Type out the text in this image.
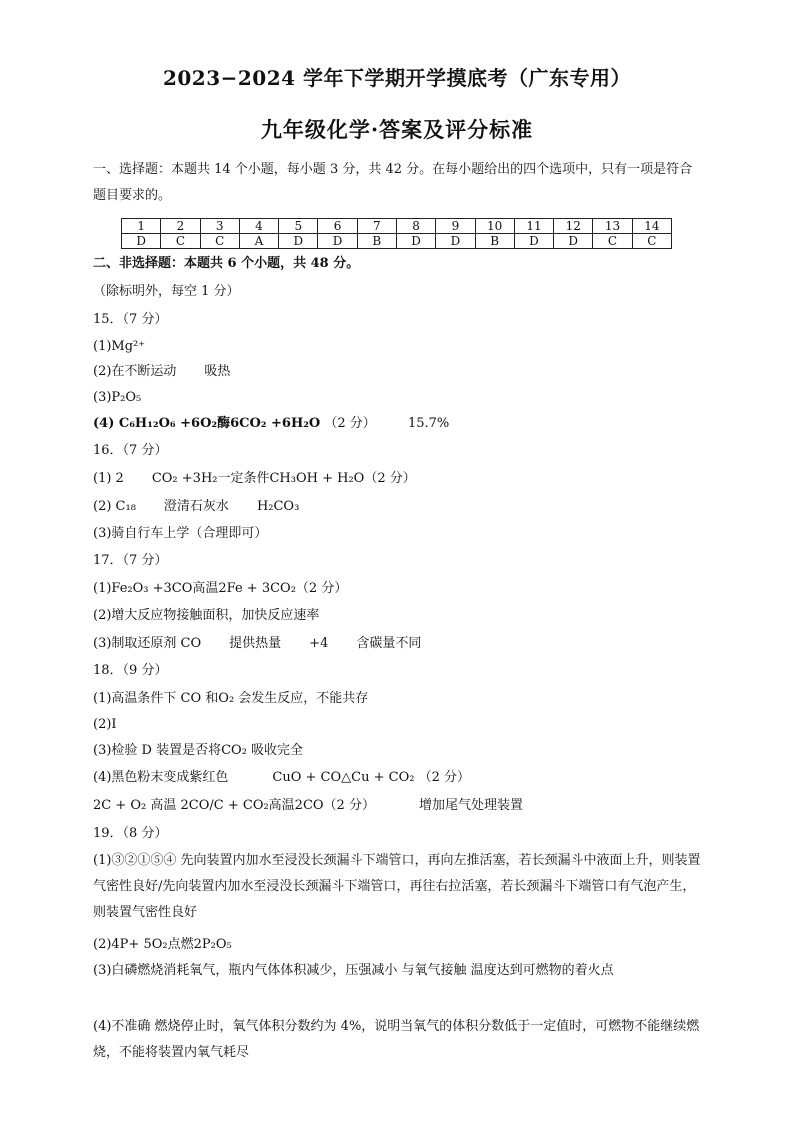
2023−2024 学年下学期开学摸底考（广东专用）
九年级化学·答案及评分标准
一、选择题：本题共 14 个小题，每小题 3 分，共 42 分。在每小题给出的四个选项中，只有一项是符合题目要求的。
1	2	3	4	5	6	7	8	9	10	11	12	13	14
D	C	C	A	D	D	B	D	D	B	D	D	C	C
二、非选择题：本题共 6 个小题，共 48 分。
（除标明外，每空 1 分）
15．（7 分）
(1)Mg²⁺
(2)在不断运动 吸热
(3)P₂O₅
(4) C₆H₁₂O₆ +6O₂酶6CO₂ +6H₂O （2 分） 15.7%
16．（7 分）
(1) 2 CO₂ +3H₂一定条件CH₃OH + H₂O（2 分）
(2) C₁₈ 澄清石灰水 H₂CO₃
(3)骑自行车上学（合理即可）
17．（7 分）
(1)Fe₂O₃ +3CO高温2Fe + 3CO₂（2 分）
(2)增大反应物接触面积，加快反应速率
(3)制取还原剂 CO 提供热量 +4 含碳量不同
18．（9 分）
(1)高温条件下 CO 和O₂ 会发生反应，不能共存
(2)I
(3)检验 D 装置是否将CO₂ 吸收完全
(4)黑色粉末变成紫红色	CuO + CO△Cu + CO₂ （2 分）
2C + O₂ 高温 2CO/C + CO₂高温2CO（2 分）	增加尾气处理装置
19．（8 分）
(1)③②①⑤④ 先向装置内加水至浸没长颈漏斗下端管口，再向左推活塞，若长颈漏斗中液面上升，则装置气密性良好/先向装置内加水至浸没长颈漏斗下端管口，再往右拉活塞，若长颈漏斗下端管口有气泡产生，则装置气密性良好
(2)4P+ 5O₂点燃2P₂O₅
(3)白磷燃烧消耗氧气，瓶内气体体积减少，压强减小 与氧气接触 温度达到可燃物的着火点
(4)不准确 燃烧停止时，氧气体积分数约为 4%，说明当氧气的体积分数低于一定值时，可燃物不能继续燃烧，不能将装置内氧气耗尽
